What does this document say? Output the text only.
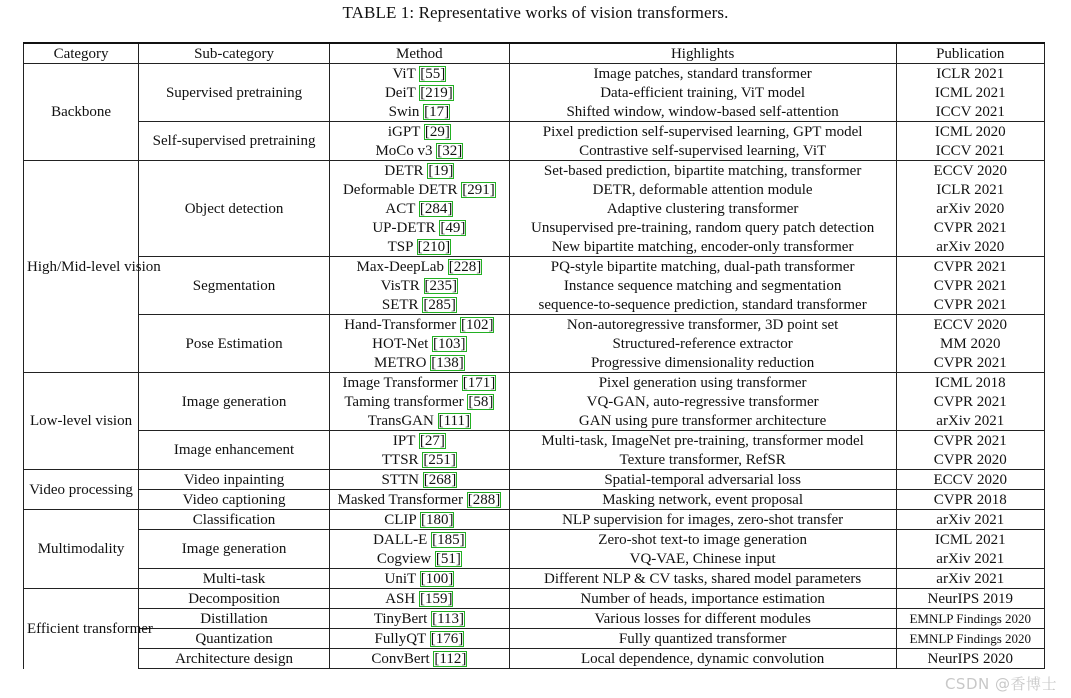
TABLE 1: Representative works of vision transformers.
Category	Sub-category	Method	Highlights	Publication
Backbone	Supervised pretraining	ViT [55]	Image patches, standard transformer	ICLR 2021
		DeiT [219]	Data-efficient training, ViT model	ICML 2021
		Swin [17]	Shifted window, window-based self-attention	ICCV 2021
	Self-supervised pretraining	iGPT [29]	Pixel prediction self-supervised learning, GPT model	ICML 2020
		MoCo v3 [32]	Contrastive self-supervised learning, ViT	ICCV 2021
High/Mid-level vision	Object detection	DETR [19]	Set-based prediction, bipartite matching, transformer	ECCV 2020
		Deformable DETR [291]	DETR, deformable attention module	ICLR 2021
		ACT [284]	Adaptive clustering transformer	arXiv 2020
		UP-DETR [49]	Unsupervised pre-training, random query patch detection	CVPR 2021
		TSP [210]	New bipartite matching, encoder-only transformer	arXiv 2020
	Segmentation	Max-DeepLab [228]	PQ-style bipartite matching, dual-path transformer	CVPR 2021
		VisTR [235]	Instance sequence matching and segmentation	CVPR 2021
		SETR [285]	sequence-to-sequence prediction, standard transformer	CVPR 2021
	Pose Estimation	Hand-Transformer [102]	Non-autoregressive transformer, 3D point set	ECCV 2020
		HOT-Net [103]	Structured-reference extractor	MM 2020
		METRO [138]	Progressive dimensionality reduction	CVPR 2021
Low-level vision	Image generation	Image Transformer [171]	Pixel generation using transformer	ICML 2018
		Taming transformer [58]	VQ-GAN, auto-regressive transformer	CVPR 2021
		TransGAN [111]	GAN using pure transformer architecture	arXiv 2021
	Image enhancement	IPT [27]	Multi-task, ImageNet pre-training, transformer model	CVPR 2021
		TTSR [251]	Texture transformer, RefSR	CVPR 2020
Video processing	Video inpainting	STTN [268]	Spatial-temporal adversarial loss	ECCV 2020
	Video captioning	Masked Transformer [288]	Masking network, event proposal	CVPR 2018
Multimodality	Classification	CLIP [180]	NLP supervision for images, zero-shot transfer	arXiv 2021
	Image generation	DALL-E [185]	Zero-shot text-to image generation	ICML 2021
		Cogview [51]	VQ-VAE, Chinese input	arXiv 2021
	Multi-task	UniT [100]	Different NLP & CV tasks, shared model parameters	arXiv 2021
Efficient transformer	Decomposition	ASH [159]	Number of heads, importance estimation	NeurIPS 2019
	Distillation	TinyBert [113]	Various losses for different modules	EMNLP Findings 2020
	Quantization	FullyQT [176]	Fully quantized transformer	EMNLP Findings 2020
	Architecture design	ConvBert [112]	Local dependence, dynamic convolution	NeurIPS 2020
CSDN @香博士
